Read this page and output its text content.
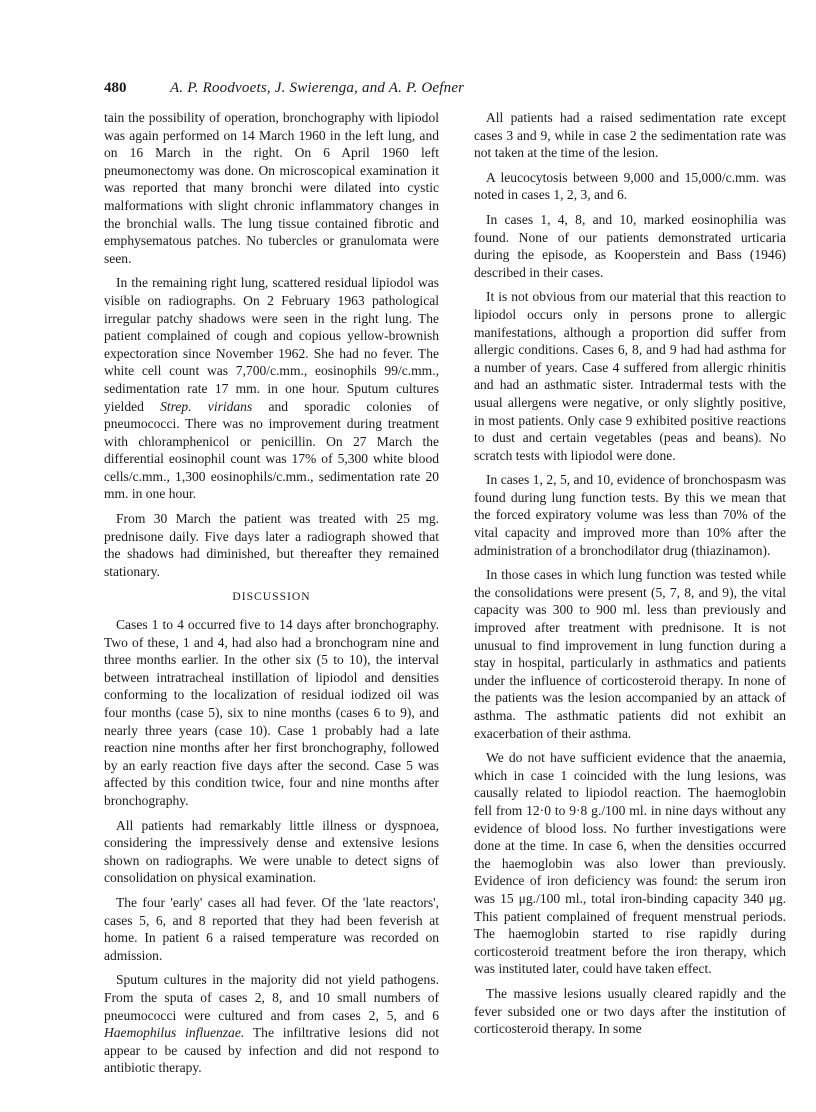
480	A. P. Roodvoets, J. Swierenga, and A. P. Oefner

tain the possibility of operation, bronchography with lipiodol was again performed on 14 March 1960 in the left lung, and on 16 March in the right. On 6 April 1960 left pneumonectomy was done. On microscopical examination it was reported that many bronchi were dilated into cystic malformations with slight chronic inflammatory changes in the bronchial walls. The lung tissue contained fibrotic and emphysematous patches. No tubercles or granulomata were seen.

In the remaining right lung, scattered residual lipiodol was visible on radiographs. On 2 February 1963 pathological irregular patchy shadows were seen in the right lung. The patient complained of cough and copious yellow-brownish expectoration since November 1962. She had no fever. The white cell count was 7,700/c.mm., eosinophils 99/c.mm., sedimentation rate 17 mm. in one hour. Sputum cultures yielded Strep. viridans and sporadic colonies of pneumococci. There was no improvement during treatment with chloramphenicol or penicillin. On 27 March the differential eosinophil count was 17% of 5,300 white blood cells/c.mm., 1,300 eosinophils/c.mm., sedimentation rate 20 mm. in one hour.

From 30 March the patient was treated with 25 mg. prednisone daily. Five days later a radiograph showed that the shadows had diminished, but thereafter they remained stationary.

DISCUSSION

Cases 1 to 4 occurred five to 14 days after bronchography. Two of these, 1 and 4, had also had a bronchogram nine and three months earlier. In the other six (5 to 10), the interval between intratracheal instillation of lipiodol and densities conforming to the localization of residual iodized oil was four months (case 5), six to nine months (cases 6 to 9), and nearly three years (case 10). Case 1 probably had a late reaction nine months after her first bronchography, followed by an early reaction five days after the second. Case 5 was affected by this condition twice, four and nine months after bronchography.

All patients had remarkably little illness or dyspnoea, considering the impressively dense and extensive lesions shown on radiographs. We were unable to detect signs of consolidation on physical examination.

The four 'early' cases all had fever. Of the 'late reactors', cases 5, 6, and 8 reported that they had been feverish at home. In patient 6 a raised temperature was recorded on admission.

Sputum cultures in the majority did not yield pathogens. From the sputa of cases 2, 8, and 10 small numbers of pneumococci were cultured and from cases 2, 5, and 6 Haemophilus influenzae. The infiltrative lesions did not appear to be caused by infection and did not respond to antibiotic therapy.

All patients had a raised sedimentation rate except cases 3 and 9, while in case 2 the sedimentation rate was not taken at the time of the lesion.

A leucocytosis between 9,000 and 15,000/c.mm. was noted in cases 1, 2, 3, and 6.

In cases 1, 4, 8, and 10, marked eosinophilia was found. None of our patients demonstrated urticaria during the episode, as Kooperstein and Bass (1946) described in their cases.

It is not obvious from our material that this reaction to lipiodol occurs only in persons prone to allergic manifestations, although a proportion did suffer from allergic conditions. Cases 6, 8, and 9 had had asthma for a number of years. Case 4 suffered from allergic rhinitis and had an asthmatic sister. Intradermal tests with the usual allergens were negative, or only slightly positive, in most patients. Only case 9 exhibited positive reactions to dust and certain vegetables (peas and beans). No scratch tests with lipiodol were done.

In cases 1, 2, 5, and 10, evidence of bronchospasm was found during lung function tests. By this we mean that the forced expiratory volume was less than 70% of the vital capacity and improved more than 10% after the administration of a bronchodilator drug (thiazinamon).

In those cases in which lung function was tested while the consolidations were present (5, 7, 8, and 9), the vital capacity was 300 to 900 ml. less than previously and improved after treatment with prednisone. It is not unusual to find improvement in lung function during a stay in hospital, particularly in asthmatics and patients under the influence of corticosteroid therapy. In none of the patients was the lesion accompanied by an attack of asthma. The asthmatic patients did not exhibit an exacerbation of their asthma.

We do not have sufficient evidence that the anaemia, which in case 1 coincided with the lung lesions, was causally related to lipiodol reaction. The haemoglobin fell from 12·0 to 9·8 g./100 ml. in nine days without any evidence of blood loss. No further investigations were done at the time. In case 6, when the densities occurred the haemoglobin was also lower than previously. Evidence of iron deficiency was found: the serum iron was 15 μg./100 ml., total iron-binding capacity 340 μg. This patient complained of frequent menstrual periods. The haemoglobin started to rise rapidly during corticosteroid treatment before the iron therapy, which was instituted later, could have taken effect.

The massive lesions usually cleared rapidly and the fever subsided one or two days after the institution of corticosteroid therapy. In some
